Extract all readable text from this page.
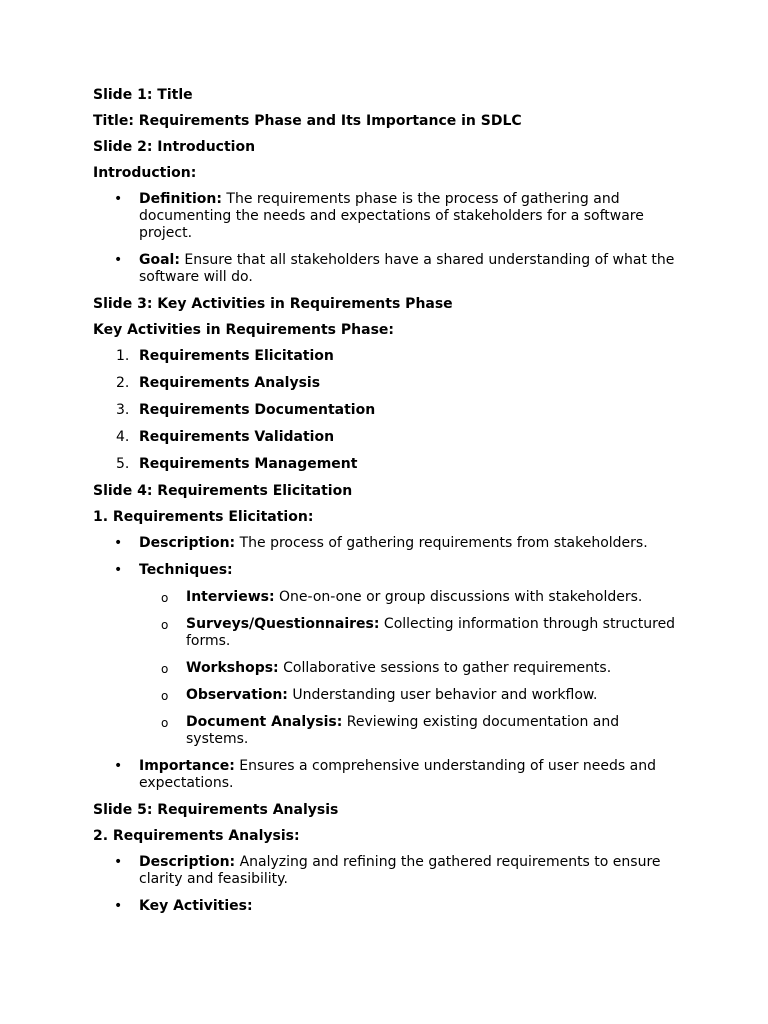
Slide 1: Title
Title: Requirements Phase and Its Importance in SDLC
Slide 2: Introduction
Introduction:
• Definition: The requirements phase is the process of gathering and documenting the needs and expectations of stakeholders for a software project.
• Goal: Ensure that all stakeholders have a shared understanding of what the software will do.
Slide 3: Key Activities in Requirements Phase
Key Activities in Requirements Phase:
1. Requirements Elicitation
2. Requirements Analysis
3. Requirements Documentation
4. Requirements Validation
5. Requirements Management
Slide 4: Requirements Elicitation
1. Requirements Elicitation:
• Description: The process of gathering requirements from stakeholders.
• Techniques:
o Interviews: One-on-one or group discussions with stakeholders.
o Surveys/Questionnaires: Collecting information through structured forms.
o Workshops: Collaborative sessions to gather requirements.
o Observation: Understanding user behavior and workflow.
o Document Analysis: Reviewing existing documentation and systems.
• Importance: Ensures a comprehensive understanding of user needs and expectations.
Slide 5: Requirements Analysis
2. Requirements Analysis:
• Description: Analyzing and refining the gathered requirements to ensure clarity and feasibility.
• Key Activities:
